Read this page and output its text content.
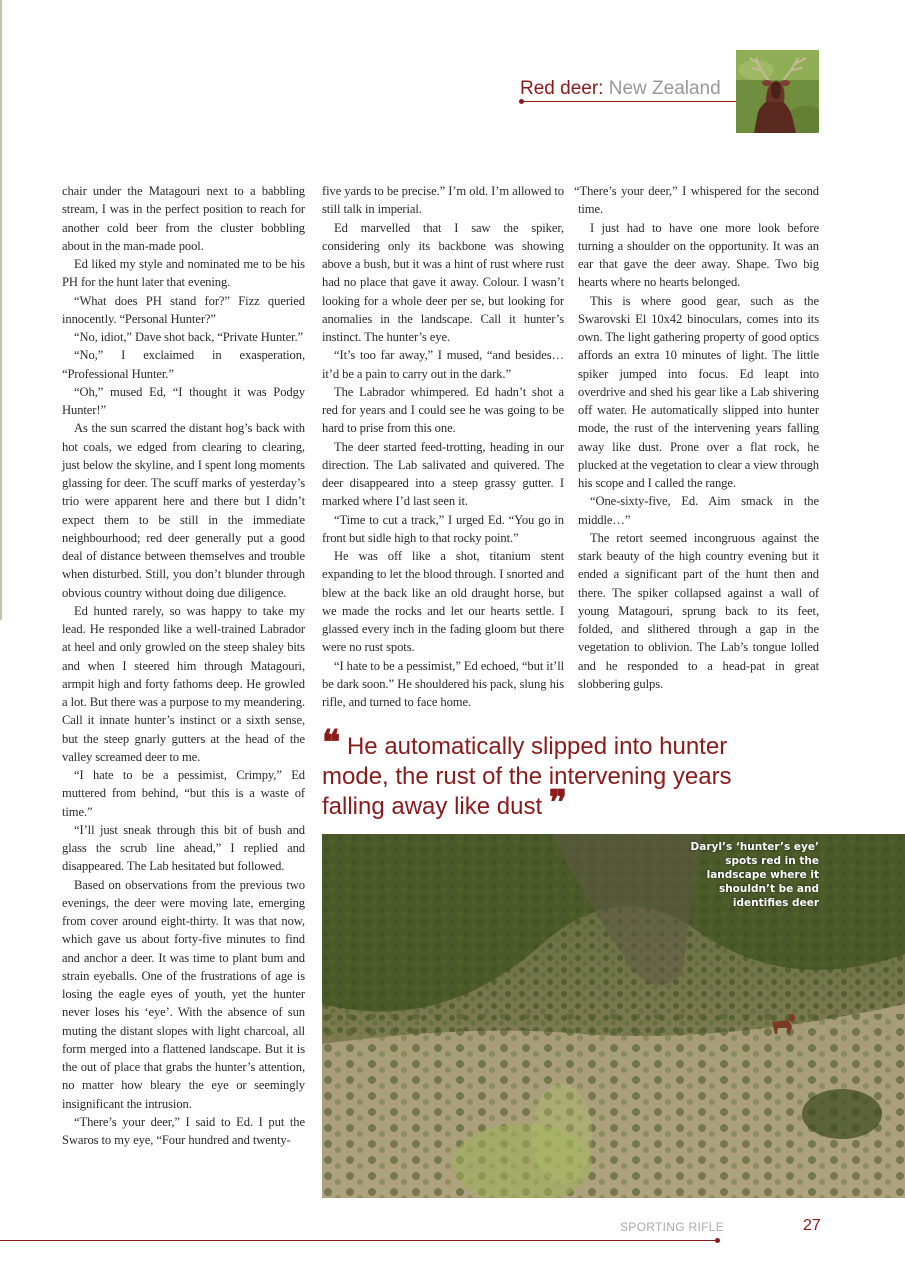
Red deer: New Zealand

chair under the Matagouri next to a babbling stream, I was in the perfect position to reach for another cold beer from the cluster bobbling about in the man-made pool.

Ed liked my style and nominated me to be his PH for the hunt later that evening.

“What does PH stand for?” Fizz queried innocently. “Personal Hunter?”

“No, idiot,” Dave shot back, “Private Hunter.”

“No,” I exclaimed in exasperation, “Professional Hunter.”

“Oh,” mused Ed, “I thought it was Podgy Hunter!”

As the sun scarred the distant hog’s back with hot coals, we edged from clearing to clearing, just below the skyline, and I spent long moments glassing for deer. The scuff marks of yesterday’s trio were apparent here and there but I didn’t expect them to be still in the immediate neighbourhood; red deer generally put a good deal of distance between themselves and trouble when disturbed. Still, you don’t blunder through obvious country without doing due diligence.

Ed hunted rarely, so was happy to take my lead. He responded like a well-trained Labrador at heel and only growled on the steep shaley bits and when I steered him through Matagouri, armpit high and forty fathoms deep. He growled a lot. But there was a purpose to my meandering. Call it innate hunter’s instinct or a sixth sense, but the steep gnarly gutters at the head of the valley screamed deer to me.

“I hate to be a pessimist, Crimpy,” Ed muttered from behind, “but this is a waste of time.”

“I’ll just sneak through this bit of bush and glass the scrub line ahead,” I replied and disappeared. The Lab hesitated but followed.

Based on observations from the previous two evenings, the deer were moving late, emerging from cover around eight-thirty. It was that now, which gave us about forty-five minutes to find and anchor a deer. It was time to plant bum and strain eyeballs. One of the frustrations of age is losing the eagle eyes of youth, yet the hunter never loses his ‘eye’. With the absence of sun muting the distant slopes with light charcoal, all form merged into a flattened landscape. But it is the out of place that grabs the hunter’s attention, no matter how bleary the eye or seemingly insignificant the intrusion.

“There’s your deer,” I said to Ed. I put the Swaros to my eye, “Four hundred and twenty-

five yards to be precise.” I’m old. I’m allowed to still talk in imperial.

Ed marvelled that I saw the spiker, considering only its backbone was showing above a bush, but it was a hint of rust where rust had no place that gave it away. Colour. I wasn’t looking for a whole deer per se, but looking for anomalies in the landscape. Call it hunter’s instinct. The hunter’s eye.

“It’s too far away,” I mused, “and besides… it’d be a pain to carry out in the dark.”

The Labrador whimpered. Ed hadn’t shot a red for years and I could see he was going to be hard to prise from this one.

The deer started feed-trotting, heading in our direction. The Lab salivated and quivered. The deer disappeared into a steep grassy gutter. I marked where I’d last seen it.

“Time to cut a track,” I urged Ed. “You go in front but sidle high to that rocky point.”

He was off like a shot, titanium stent expanding to let the blood through. I snorted and blew at the back like an old draught horse, but we made the rocks and let our hearts settle. I glassed every inch in the fading gloom but there were no rust spots.

“I hate to be a pessimist,” Ed echoed, “but it’ll be dark soon.” He shouldered his pack, slung his rifle, and turned to face home.

“There’s your deer,” I whispered for the second time.

I just had to have one more look before turning a shoulder on the opportunity. It was an ear that gave the deer away. Shape. Two big hearts where no hearts belonged.

This is where good gear, such as the Swarovski El 10x42 binoculars, comes into its own. The light gathering property of good optics affords an extra 10 minutes of light. The little spiker jumped into focus. Ed leapt into overdrive and shed his gear like a Lab shivering off water. He automatically slipped into hunter mode, the rust of the intervening years falling away like dust. Prone over a flat rock, he plucked at the vegetation to clear a view through his scope and I called the range.

“One-sixty-five, Ed. Aim smack in the middle…”

The retort seemed incongruous against the stark beauty of the high country evening but it ended a significant part of the hunt then and there. The spiker collapsed against a wall of young Matagouri, sprung back to its feet, folded, and slithered through a gap in the vegetation to oblivion. The Lab’s tongue lolled and he responded to a head-pat in great slobbering gulps.

❝ He automatically slipped into hunter mode, the rust of the intervening years falling away like dust ❞
Daryl’s ‘hunter’s eye’ spots red in the landscape where it shouldn’t be and identifies deer
SPORTING RIFLE	27
